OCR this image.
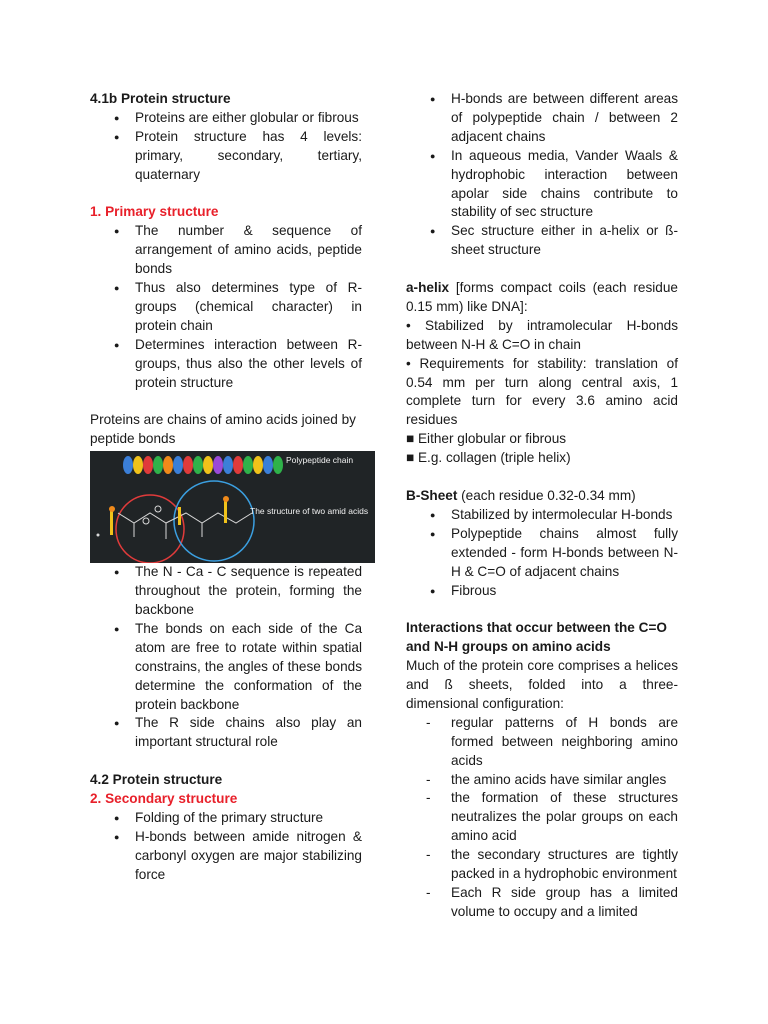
4.1b Protein structure

● Proteins are either globular or fibrous
● Protein structure has 4 levels: primary, secondary, tertiary, quaternary

1. Primary structure

● The number & sequence of arrangement of amino acids, peptide bonds
● Thus also determines type of R-groups (chemical character) in protein chain
● Determines interaction between R-groups, thus also the other levels of protein structure

Proteins are chains of amino acids joined by peptide bonds

Polypeptide chain
The structure of two amid acids
● The N - Ca - C sequence is repeated throughout the protein, forming the backbone
● The bonds on each side of the Ca atom are free to rotate within spatial constrains, the angles of these bonds determine the conformation of the protein backbone
● The R side chains also play an important structural role

4.2 Protein structure

2. Secondary structure

● Folding of the primary structure
● H-bonds between amide nitrogen & carbonyl oxygen are major stabilizing force
● H-bonds are between different areas of polypeptide chain / between 2 adjacent chains
● In aqueous media, Vander Waals & hydrophobic interaction between apolar side chains contribute to stability of sec structure
● Sec structure either in a-helix or ß-sheet structure

a-helix [forms compact coils (each residue 0.15 mm) like DNA]:

• Stabilized by intramolecular H-bonds between N-H & C=O in chain

• Requirements for stability: translation of 0.54 mm per turn along central axis, 1 complete turn for every 3.6 amino acid residues

■ Either globular or fibrous

■ E.g. collagen (triple helix)

B-Sheet (each residue 0.32-0.34 mm)

● Stabilized by intermolecular H-bonds
● Polypeptide chains almost fully extended - form H-bonds between N-H & C=O of adjacent chains
● Fibrous

Interactions that occur between the C=O and N-H groups on amino acids

Much of the protein core comprises a helices and ß sheets, folded into a three-dimensional configuration:

- regular patterns of H bonds are formed between neighboring amino acids
- the amino acids have similar angles
- the formation of these structures neutralizes the polar groups on each amino acid
- the secondary structures are tightly packed in a hydrophobic environment
- Each R side group has a limited volume to occupy and a limited
